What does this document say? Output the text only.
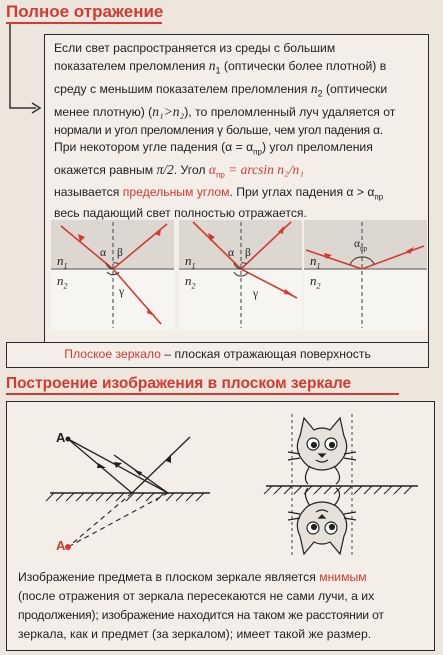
Полное отражение
Если свет распространяется из среды с большим
показателем преломления $n_1$ (оптически более плотной) в
среду с меньшим показателем преломления $n_2$ (оптически
менее плотную) (n₁>n₂), то преломленный луч удаляется от
нормали и угол преломления γ больше, чем угол падения α.
При некотором угле падения $(\alpha = \alpha_{пр})$ угол преломления
окажется равным π/2. Угол $\alpha_{пр} = \arcsin n_2/n_1$
называется предельным углом. При углах падения $\alpha > \alpha_{пр}$
весь падающий свет полностью отражается.
α β
γ
$n_1$
$n_2$
α β
γ
$n_1$
$n_2$
$\alpha_{пр}$
$n_1$
$n_2$
Плоское зеркало – плоская отражающая поверхность
Построение изображения в плоском зеркале
A
A
Изображение предмета в плоском зеркале является мнимым
(после отражения от зеркала пересекаются не сами лучи, а их
продолжения); изображение находится на таком же расстоянии от
зеркала, как и предмет (за зеркалом); имеет такой же размер.
